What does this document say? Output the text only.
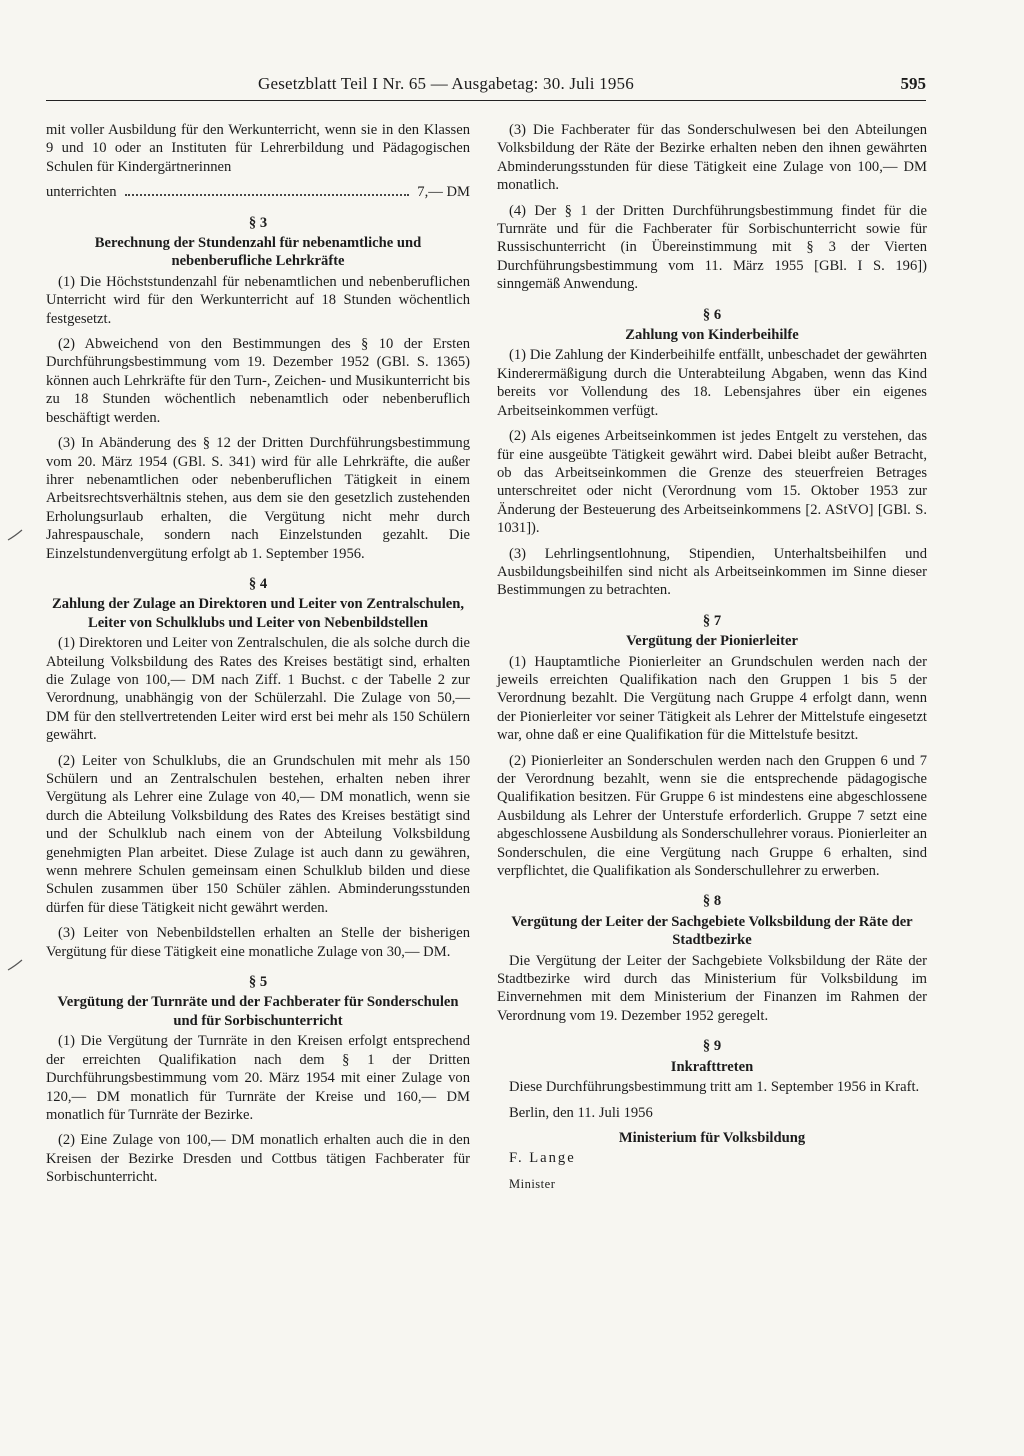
Gesetzblatt Teil I Nr. 65 — Ausgabetag: 30. Juli 1956	595

mit voller Ausbildung für den Werkunterricht, wenn sie in den Klassen 9 und 10 oder an Instituten für Lehrerbildung und Pädagogischen Schulen für Kindergärtnerinnen

unterrichten	7,— DM
§ 3
Berechnung der Stundenzahl für nebenamtliche und nebenberufliche Lehrkräfte

(1) Die Höchststundenzahl für nebenamtlichen und nebenberuflichen Unterricht wird für den Werkunterricht auf 18 Stunden wöchentlich festgesetzt.

(2) Abweichend von den Bestimmungen des § 10 der Ersten Durchführungsbestimmung vom 19. Dezember 1952 (GBl. S. 1365) können auch Lehrkräfte für den Turn-, Zeichen- und Musikunterricht bis zu 18 Stunden wöchentlich nebenamtlich oder nebenberuflich beschäftigt werden.

(3) In Abänderung des § 12 der Dritten Durchführungsbestimmung vom 20. März 1954 (GBl. S. 341) wird für alle Lehrkräfte, die außer ihrer nebenamtlichen oder nebenberuflichen Tätigkeit in einem Arbeitsrechtsverhältnis stehen, aus dem sie den gesetzlich zustehenden Erholungsurlaub erhalten, die Vergütung nicht mehr durch Jahrespauschale, sondern nach Einzelstunden gezahlt. Die Einzelstundenvergütung erfolgt ab 1. September 1956.

§ 4
Zahlung der Zulage an Direktoren und Leiter von Zentralschulen, Leiter von Schulklubs und Leiter von Nebenbildstellen

(1) Direktoren und Leiter von Zentralschulen, die als solche durch die Abteilung Volksbildung des Rates des Kreises bestätigt sind, erhalten die Zulage von 100,— DM nach Ziff. 1 Buchst. c der Tabelle 2 zur Verordnung, unabhängig von der Schülerzahl. Die Zulage von 50,— DM für den stellvertretenden Leiter wird erst bei mehr als 150 Schülern gewährt.

(2) Leiter von Schulklubs, die an Grundschulen mit mehr als 150 Schülern und an Zentralschulen bestehen, erhalten neben ihrer Vergütung als Lehrer eine Zulage von 40,— DM monatlich, wenn sie durch die Abteilung Volksbildung des Rates des Kreises bestätigt sind und der Schulklub nach einem von der Abteilung Volksbildung genehmigten Plan arbeitet. Diese Zulage ist auch dann zu gewähren, wenn mehrere Schulen gemeinsam einen Schulklub bilden und diese Schulen zusammen über 150 Schüler zählen. Abminderungsstunden dürfen für diese Tätigkeit nicht gewährt werden.

(3) Leiter von Nebenbildstellen erhalten an Stelle der bisherigen Vergütung für diese Tätigkeit eine monatliche Zulage von 30,— DM.

§ 5
Vergütung der Turnräte und der Fachberater für Sonderschulen und für Sorbischunterricht

(1) Die Vergütung der Turnräte in den Kreisen erfolgt entsprechend der erreichten Qualifikation nach dem § 1 der Dritten Durchführungsbestimmung vom 20. März 1954 mit einer Zulage von 120,— DM monatlich für Turnräte der Kreise und 160,— DM monatlich für Turnräte der Bezirke.

(2) Eine Zulage von 100,— DM monatlich erhalten auch die in den Kreisen der Bezirke Dresden und Cottbus tätigen Fachberater für Sorbischunterricht.

(3) Die Fachberater für das Sonderschulwesen bei den Abteilungen Volksbildung der Räte der Bezirke erhalten neben den ihnen gewährten Abminderungsstunden für diese Tätigkeit eine Zulage von 100,— DM monatlich.

(4) Der § 1 der Dritten Durchführungsbestimmung findet für die Turnräte und für die Fachberater für Sorbischunterricht sowie für Russischunterricht (in Übereinstimmung mit § 3 der Vierten Durchführungsbestimmung vom 11. März 1955 [GBl. I S. 196]) sinngemäß Anwendung.

§ 6
Zahlung von Kinderbeihilfe

(1) Die Zahlung der Kinderbeihilfe entfällt, unbeschadet der gewährten Kinderermäßigung durch die Unterabteilung Abgaben, wenn das Kind bereits vor Vollendung des 18. Lebensjahres über ein eigenes Arbeitseinkommen verfügt.

(2) Als eigenes Arbeitseinkommen ist jedes Entgelt zu verstehen, das für eine ausgeübte Tätigkeit gewährt wird. Dabei bleibt außer Betracht, ob das Arbeitseinkommen die Grenze des steuerfreien Betrages unterschreitet oder nicht (Verordnung vom 15. Oktober 1953 zur Änderung der Besteuerung des Arbeitseinkommens [2. AStVO] [GBl. S. 1031]).

(3) Lehrlingsentlohnung, Stipendien, Unterhaltsbeihilfen und Ausbildungsbeihilfen sind nicht als Arbeitseinkommen im Sinne dieser Bestimmungen zu betrachten.

§ 7
Vergütung der Pionierleiter

(1) Hauptamtliche Pionierleiter an Grundschulen werden nach der jeweils erreichten Qualifikation nach den Gruppen 1 bis 5 der Verordnung bezahlt. Die Vergütung nach Gruppe 4 erfolgt dann, wenn der Pionierleiter vor seiner Tätigkeit als Lehrer der Mittelstufe eingesetzt war, ohne daß er eine Qualifikation für die Mittelstufe besitzt.

(2) Pionierleiter an Sonderschulen werden nach den Gruppen 6 und 7 der Verordnung bezahlt, wenn sie die entsprechende pädagogische Qualifikation besitzen. Für Gruppe 6 ist mindestens eine abgeschlossene Ausbildung als Lehrer der Unterstufe erforderlich. Gruppe 7 setzt eine abgeschlossene Ausbildung als Sonderschullehrer voraus. Pionierleiter an Sonderschulen, die eine Vergütung nach Gruppe 6 erhalten, sind verpflichtet, die Qualifikation als Sonderschullehrer zu erwerben.

§ 8
Vergütung der Leiter der Sachgebiete Volksbildung der Räte der Stadtbezirke

Die Vergütung der Leiter der Sachgebiete Volksbildung der Räte der Stadtbezirke wird durch das Ministerium für Volksbildung im Einvernehmen mit dem Ministerium der Finanzen im Rahmen der Verordnung vom 19. Dezember 1952 geregelt.

§ 9
Inkrafttreten

Diese Durchführungsbestimmung tritt am 1. September 1956 in Kraft.

Berlin, den 11. Juli 1956

Ministerium für Volksbildung

F. Lange

Minister
